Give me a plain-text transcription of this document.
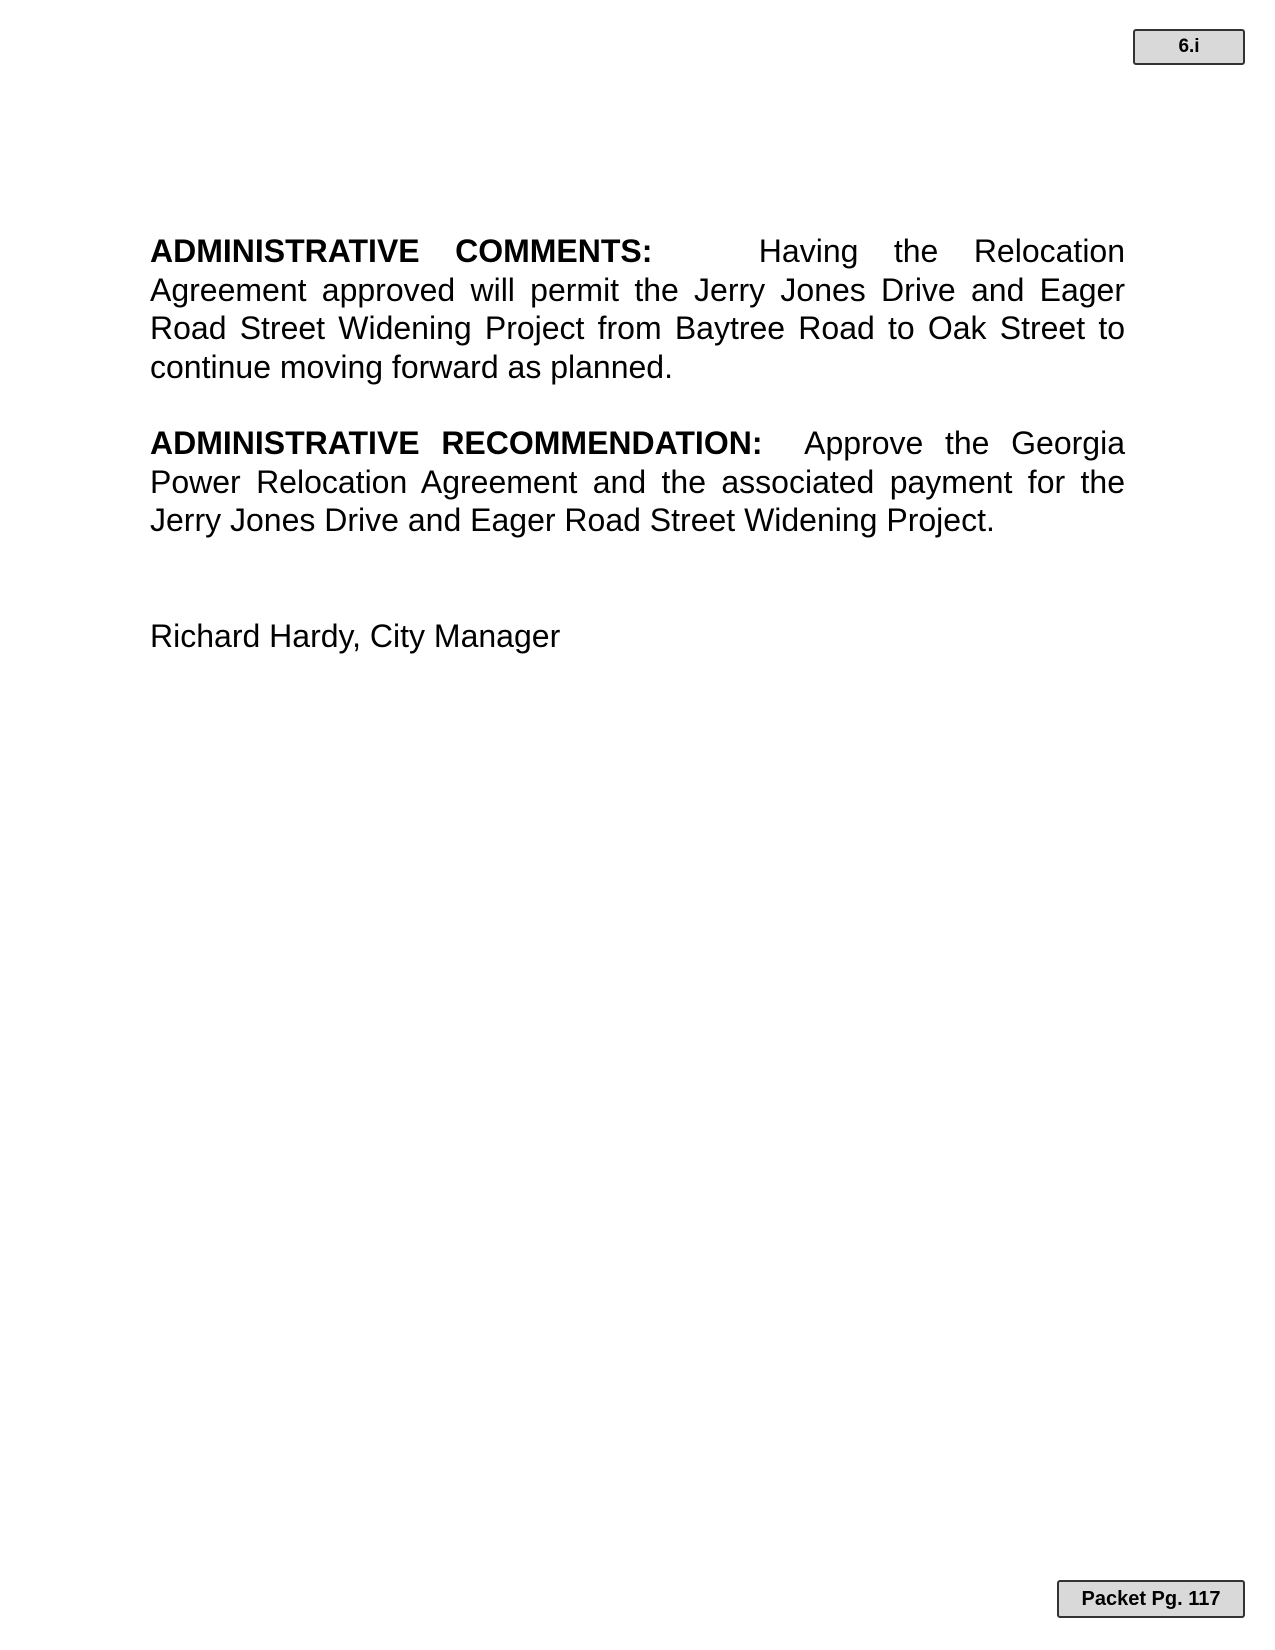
6.i

ADMINISTRATIVE COMMENTS:	Having the Relocation Agreement approved will permit the Jerry Jones Drive and Eager Road Street Widening Project from Baytree Road to Oak Street to continue moving forward as planned.

ADMINISTRATIVE RECOMMENDATION: Approve the Georgia Power Relocation Agreement and the associated payment for the Jerry Jones Drive and Eager Road Street Widening Project.

Richard Hardy, City Manager

Packet Pg. 117
